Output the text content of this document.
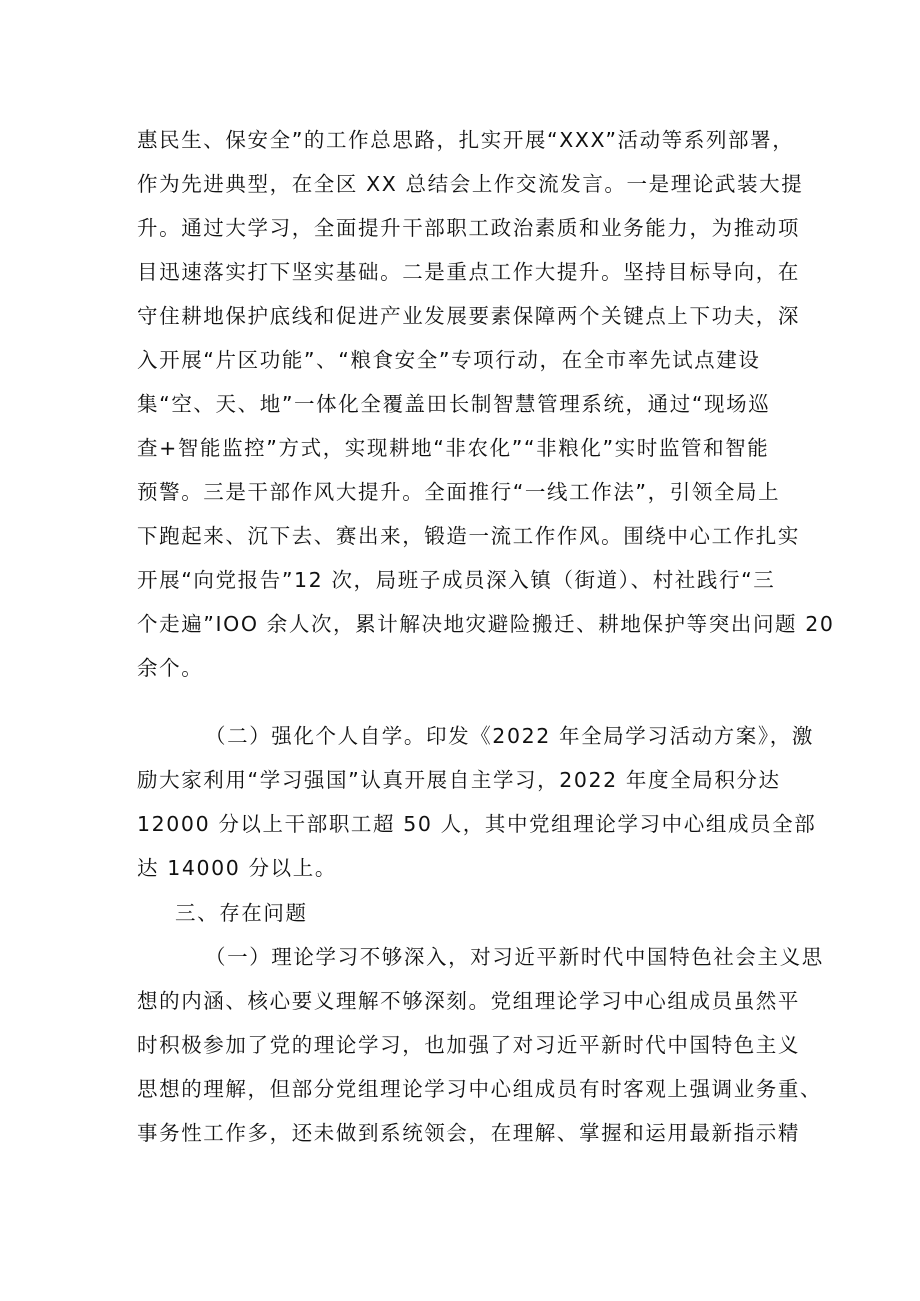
惠民生、保安全”的工作总思路，扎实开展“XXX”活动等系列部署，
作为先进典型，在全区 XX 总结会上作交流发言。一是理论武装大提
升。通过大学习，全面提升干部职工政治素质和业务能力，为推动项
目迅速落实打下坚实基础。二是重点工作大提升。坚持目标导向，在
守住耕地保护底线和促进产业发展要素保障两个关键点上下功夫，深
入开展“片区功能”、“粮食安全”专项行动，在全市率先试点建设
集“空、天、地”一体化全覆盖田长制智慧管理系统，通过“现场巡
查+智能监控”方式，实现耕地“非农化”“非粮化”实时监管和智能
预警。三是干部作风大提升。全面推行“一线工作法”，引领全局上
下跑起来、沉下去、赛出来，锻造一流工作作风。围绕中心工作扎实
开展“向党报告”12 次，局班子成员深入镇（街道）、村社践行“三
个走遍”IOO 余人次，累计解决地灾避险搬迁、耕地保护等突出问题 20
余个。
（二）强化个人自学。印发《2022 年全局学习活动方案》，激
励大家利用“学习强国”认真开展自主学习，2022 年度全局积分达
12000 分以上干部职工超 50 人，其中党组理论学习中心组成员全部
达 14000 分以上。
三、存在问题
（一）理论学习不够深入，对习近平新时代中国特色社会主义思
想的内涵、核心要义理解不够深刻。党组理论学习中心组成员虽然平
时积极参加了党的理论学习，也加强了对习近平新时代中国特色主义
思想的理解，但部分党组理论学习中心组成员有时客观上强调业务重、
事务性工作多，还未做到系统领会，在理解、掌握和运用最新指示精
